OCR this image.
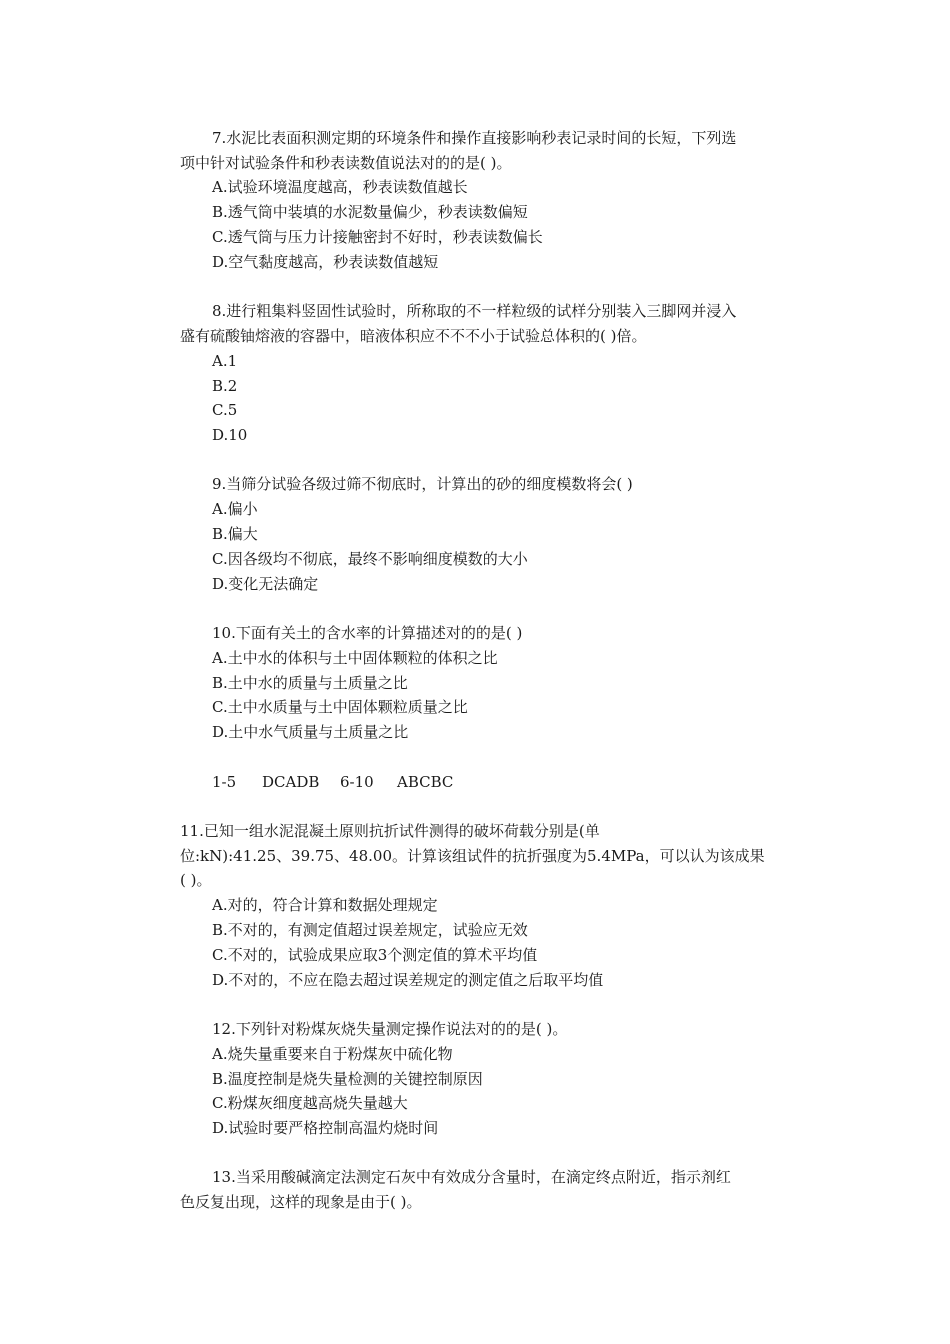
7.水泥比表面积测定期的环境条件和操作直接影响秒表记录时间的长短，下列选
项中针对试验条件和秒表读数值说法对的的是( )。
A.试验环境温度越高，秒表读数值越长
B.透气筒中装填的水泥数量偏少，秒表读数偏短
C.透气筒与压力计接触密封不好时，秒表读数偏长
D.空气黏度越高，秒表读数值越短
8.进行粗集料竖固性试验时，所称取的不一样粒级的试样分别装入三脚网并浸入
盛有硫酸铀熔液的容器中，暗液体积应不不不小于试验总体积的( )倍。
A.1
B.2
C.5
D.10
9.当筛分试验各级过筛不彻底时，计算出的砂的细度模数将会( )
A.偏小
B.偏大
C.因各级均不彻底，最终不影响细度模数的大小
D.变化无法确定
10.下面有关土的含水率的计算描述对的的是( )
A.土中水的体积与土中固体颗粒的体积之比
B.土中水的质量与土质量之比
C.土中水质量与土中固体颗粒质量之比
D.土中水气质量与土质量之比
1-5 DCADB 6-10 ABCBC
11.已知一组水泥混凝土原则抗折试件测得的破坏荷载分别是(单
位:kN):41.25、39.75、48.00。计算该组试件的抗折强度为5.4MPa，可以认为该成果
( )。
A.对的，符合计算和数据处理规定
B.不对的，有测定值超过误差规定，试验应无效
C.不对的，试验成果应取3个测定值的算术平均值
D.不对的，不应在隐去超过误差规定的测定值之后取平均值
12.下列针对粉煤灰烧失量测定操作说法对的的是( )。
A.烧失量重要来自于粉煤灰中硫化物
B.温度控制是烧失量检测的关键控制原因
C.粉煤灰细度越高烧失量越大
D.试验时要严格控制高温灼烧时间
13.当采用酸碱滴定法测定石灰中有效成分含量时，在滴定终点附近，指示剂红
色反复出现，这样的现象是由于( )。
